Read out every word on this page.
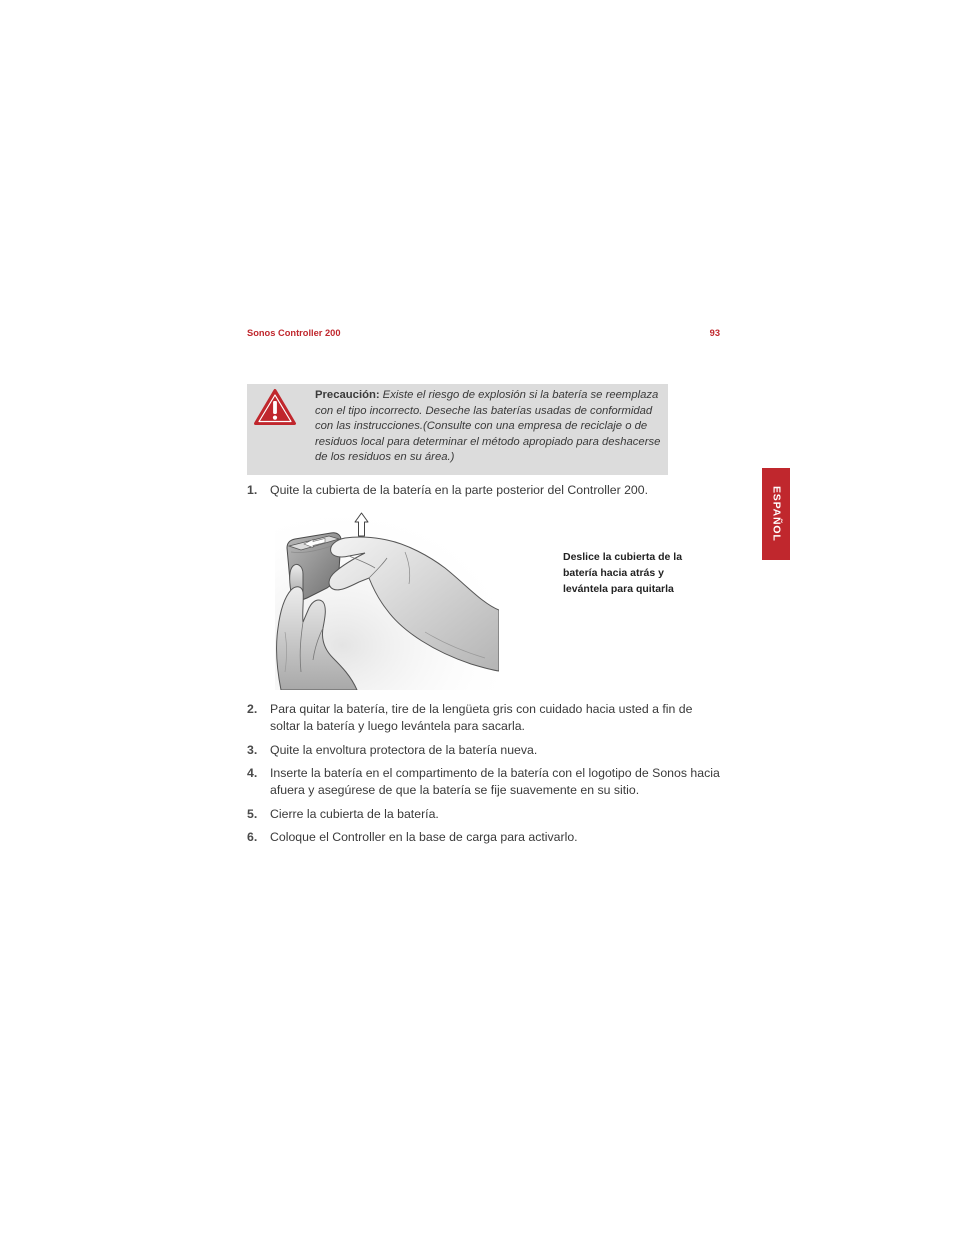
Sonos Controller 200	93
ESPAÑOL
Precaución: Existe el riesgo de explosión si la batería se reemplaza
con el tipo incorrecto. Deseche las baterías usadas de conformidad
con las instrucciones.(Consulte con una empresa de reciclaje o de
residuos local para determinar el método apropiado para deshacerse
de los residuos en su área.)
1. Quite la cubierta de la batería en la parte posterior del Controller 200.
Deslice la cubierta de la
batería hacia atrás y
levántela para quitarla
2. Para quitar la batería, tire de la lengüeta gris con cuidado hacia usted a fin de
soltar la batería y luego levántela para sacarla.
3. Quite la envoltura protectora de la batería nueva.
4. Inserte la batería en el compartimento de la batería con el logotipo de Sonos hacia
afuera y asegúrese de que la batería se fije suavemente en su sitio.
5. Cierre la cubierta de la batería.
6. Coloque el Controller en la base de carga para activarlo.
